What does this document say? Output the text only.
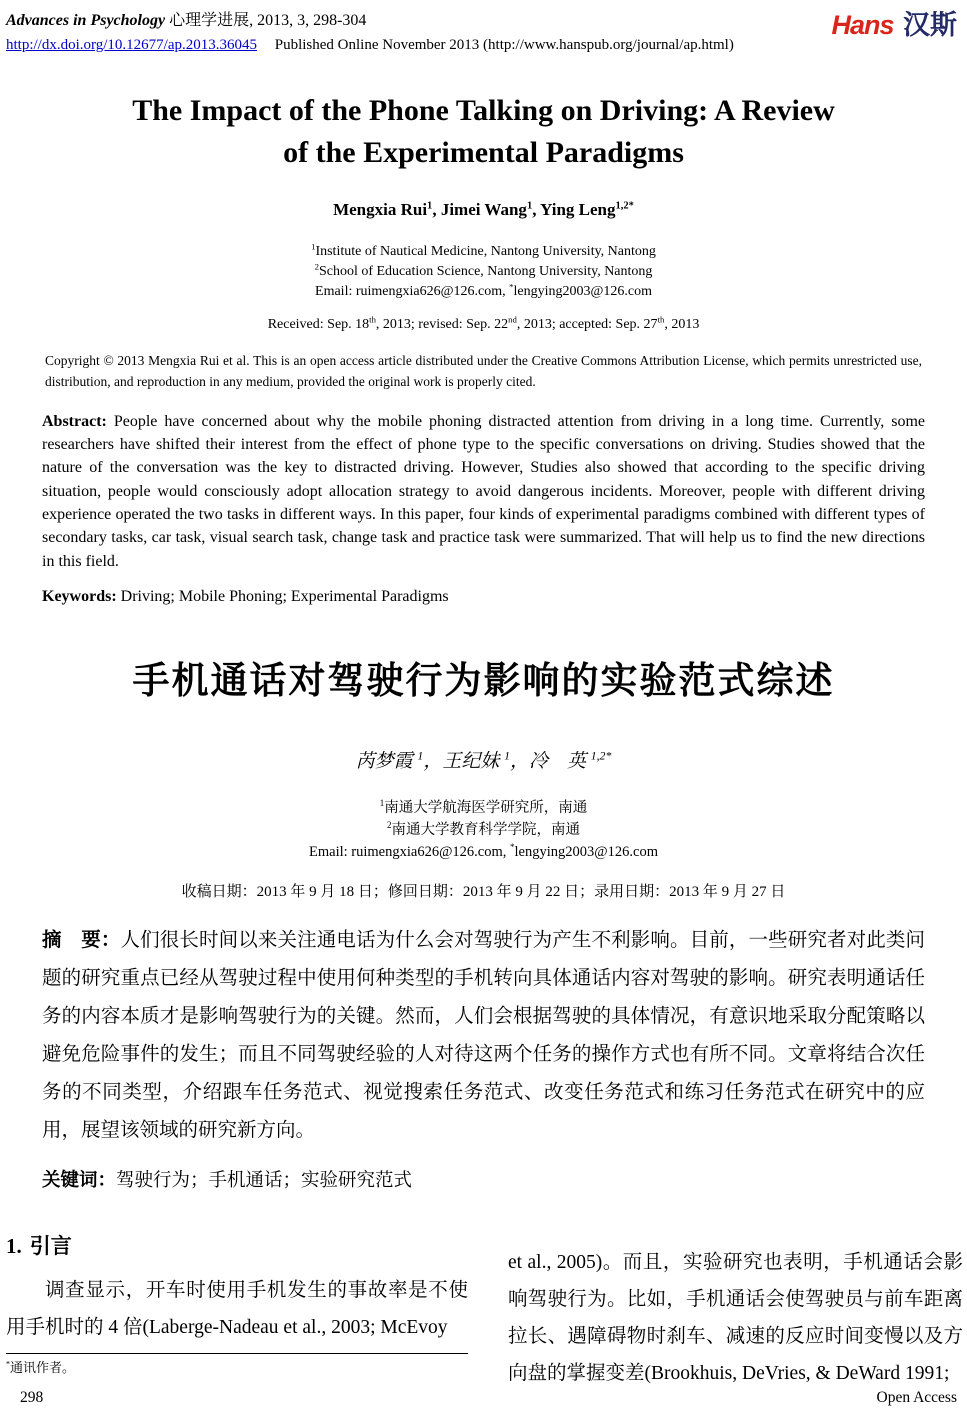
Advances in Psychology 心理学进展, 2013, 3, 298-304
http://dx.doi.org/10.12677/ap.2013.36045 Published Online November 2013 (http://www.hanspub.org/journal/ap.html)
Hans 汉斯
The Impact of the Phone Talking on Driving: A Review
of the Experimental Paradigms
Mengxia Rui$^1$, Jimei Wang$^1$, Ying Leng$^{1,2*}$
$^1$Institute of Nautical Medicine, Nantong University, Nantong
$^2$School of Education Science, Nantong University, Nantong
Email: ruimengxia626@126.com, *lengying2003@126.com
Received: Sep. 18th, 2013; revised: Sep. 22nd, 2013; accepted: Sep. 27th, 2013

Copyright © 2013 Mengxia Rui et al. This is an open access article distributed under the Creative Commons Attribution License, which permits unrestricted use, distribution, and reproduction in any medium, provided the original work is properly cited.

Abstract: People have concerned about why the mobile phoning distracted attention from driving in a long time. Currently, some researchers have shifted their interest from the effect of phone type to the specific conversations on driving. Studies showed that the nature of the conversation was the key to distracted driving. However, Studies also showed that according to the specific driving situation, people would consciously adopt allocation strategy to avoid dangerous incidents. Moreover, people with different driving experience operated the two tasks in different ways. In this paper, four kinds of experimental paradigms combined with different types of secondary tasks, car task, visual search task, change task and practice task were summarized. That will help us to find the new directions in this field.

Keywords: Driving; Mobile Phoning; Experimental Paradigms

手机通话对驾驶行为影响的实验范式综述
芮梦霞 $^1$，王纪妹 $^1$，冷　英 $^{1,2*}$
$^1$南通大学航海医学研究所，南通
$^2$南通大学教育科学学院，南通
Email: ruimengxia626@126.com, *lengying2003@126.com
收稿日期：2013 年 9 月 18 日；修回日期：2013 年 9 月 22 日；录用日期：2013 年 9 月 27 日

摘　要：人们很长时间以来关注通电话为什么会对驾驶行为产生不利影响。目前，一些研究者对此类问题的研究重点已经从驾驶过程中使用何种类型的手机转向具体通话内容对驾驶的影响。研究表明通话任务的内容本质才是影响驾驶行为的关键。然而，人们会根据驾驶的具体情况，有意识地采取分配策略以避免危险事件的发生；而且不同驾驶经验的人对待这两个任务的操作方式也有所不同。文章将结合次任务的不同类型，介绍跟车任务范式、视觉搜索任务范式、改变任务范式和练习任务范式在研究中的应用，展望该领域的研究新方向。

关键词：驾驶行为；手机通话；实验研究范式

1. 引言

调查显示，开车时使用手机发生的事故率是不使用手机时的 4 倍(Laberge-Nadeau et al., 2003; McEvoy

*通讯作者。

et al., 2005)。而且，实验研究也表明，手机通话会影响驾驶行为。比如，手机通话会使驾驶员与前车距离拉长、遇障碍物时刹车、减速的反应时间变慢以及方向盘的掌握变差(Brookhuis, DeVries, & DeWard 1991;

298	Open Access
